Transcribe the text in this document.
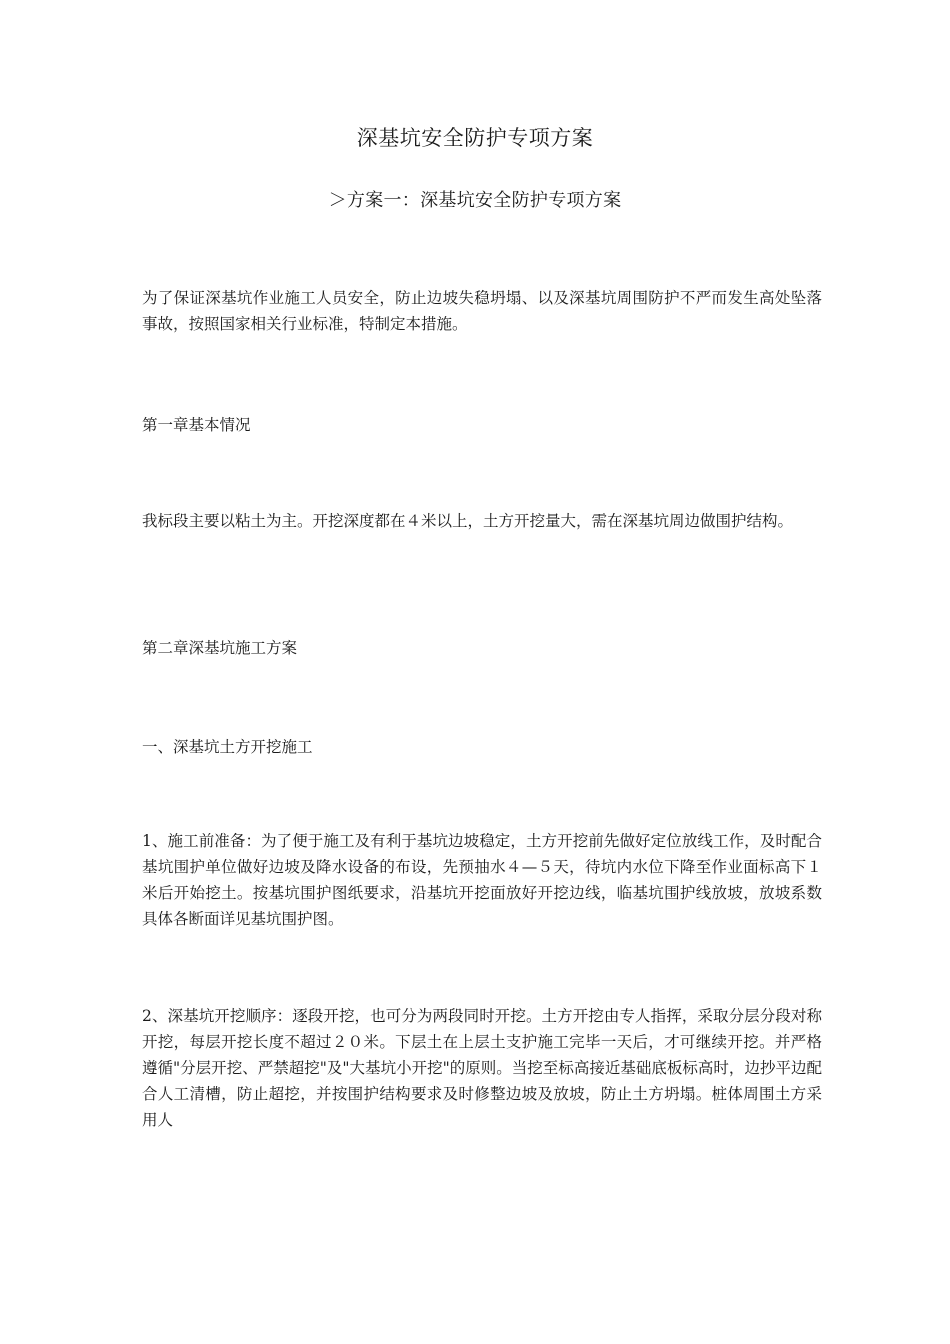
深基坑安全防护专项方案
＞方案一：深基坑安全防护专项方案

为了保证深基坑作业施工人员安全，防止边坡失稳坍塌、以及深基坑周围防护不严而发生高处坠落事故，按照国家相关行业标准，特制定本措施。

第一章基本情况

我标段主要以粘土为主。开挖深度都在４米以上，土方开挖量大，需在深基坑周边做围护结构。

第二章深基坑施工方案

一、深基坑土方开挖施工

1、施工前准备：为了便于施工及有利于基坑边坡稳定，土方开挖前先做好定位放线工作，及时配合基坑围护单位做好边坡及降水设备的布设，先预抽水４—５天，待坑内水位下降至作业面标高下１米后开始挖土。按基坑围护图纸要求，沿基坑开挖面放好开挖边线，临基坑围护线放坡，放坡系数具体各断面详见基坑围护图。

2、深基坑开挖顺序：逐段开挖，也可分为两段同时开挖。土方开挖由专人指挥，采取分层分段对称开挖，每层开挖长度不超过２０米。下层土在上层土支护施工完毕一天后，才可继续开挖。并严格遵循"分层开挖、严禁超挖"及"大基坑小开挖"的原则。当挖至标高接近基础底板标高时，边抄平边配合人工清槽，防止超挖，并按围护结构要求及时修整边坡及放坡，防止土方坍塌。桩体周围土方采用人
